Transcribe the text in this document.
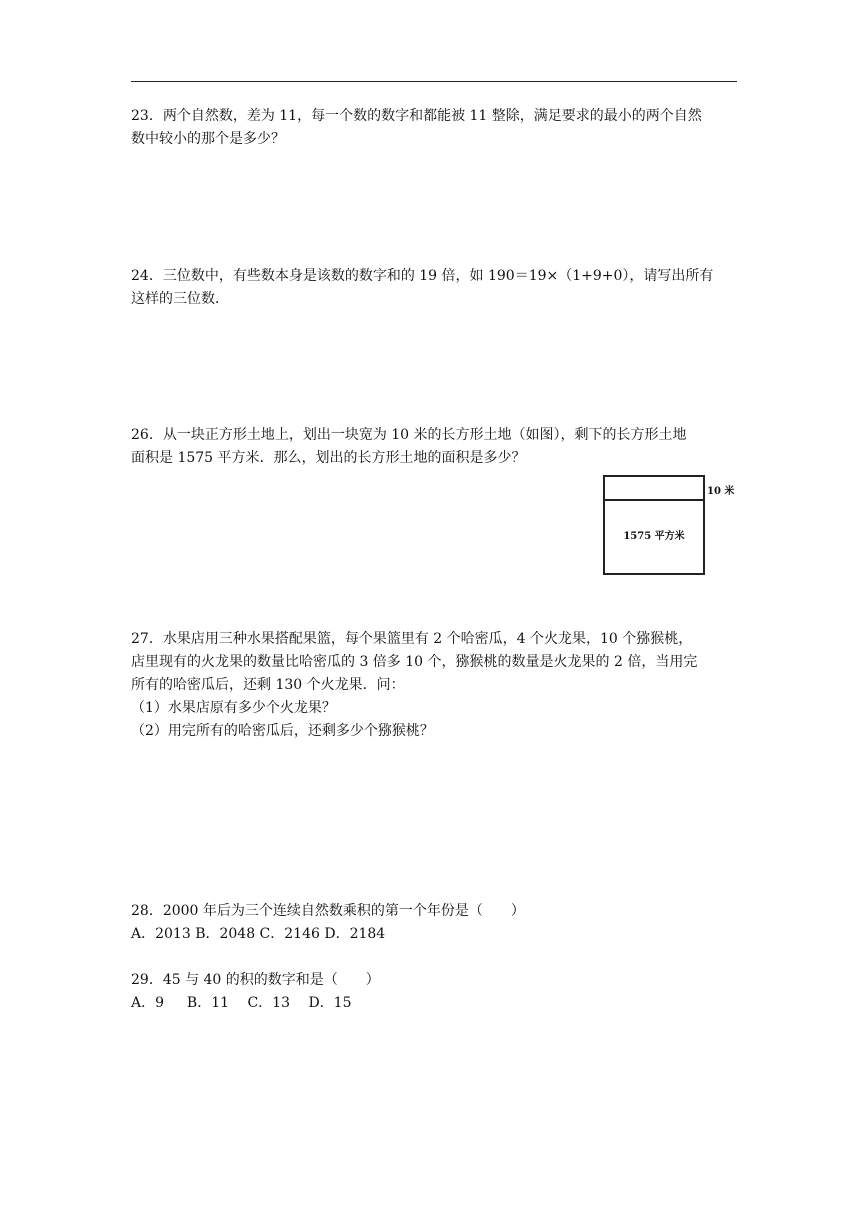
23．两个自然数，差为 11，每一个数的数字和都能被 11 整除，满足要求的最小的两个自然

数中较小的那个是多少？

24．三位数中，有些数本身是该数的数字和的 19 倍，如 190＝19×（1+9+0），请写出所有

这样的三位数．

26．从一块正方形土地上，划出一块宽为 10 米的长方形土地（如图），剩下的长方形土地

面积是 1575 平方米．那么，划出的长方形土地的面积是多少？

1575 平方米
10 米

27．水果店用三种水果搭配果篮，每个果篮里有 2 个哈密瓜，4 个火龙果，10 个猕猴桃，

店里现有的火龙果的数量比哈密瓜的 3 倍多 10 个，猕猴桃的数量是火龙果的 2 倍，当用完

所有的哈密瓜后，还剩 130 个火龙果．问：

（1）水果店原有多少个火龙果？

（2）用完所有的哈密瓜后，还剩多少个猕猴桃？

28．2000 年后为三个连续自然数乘积的第一个年份是（　　）

A．2013 B．2048 C．2146 D．2184

29．45 与 40 的积的数字和是（　　）

A．9　  B．11　 C．13　 D．15
